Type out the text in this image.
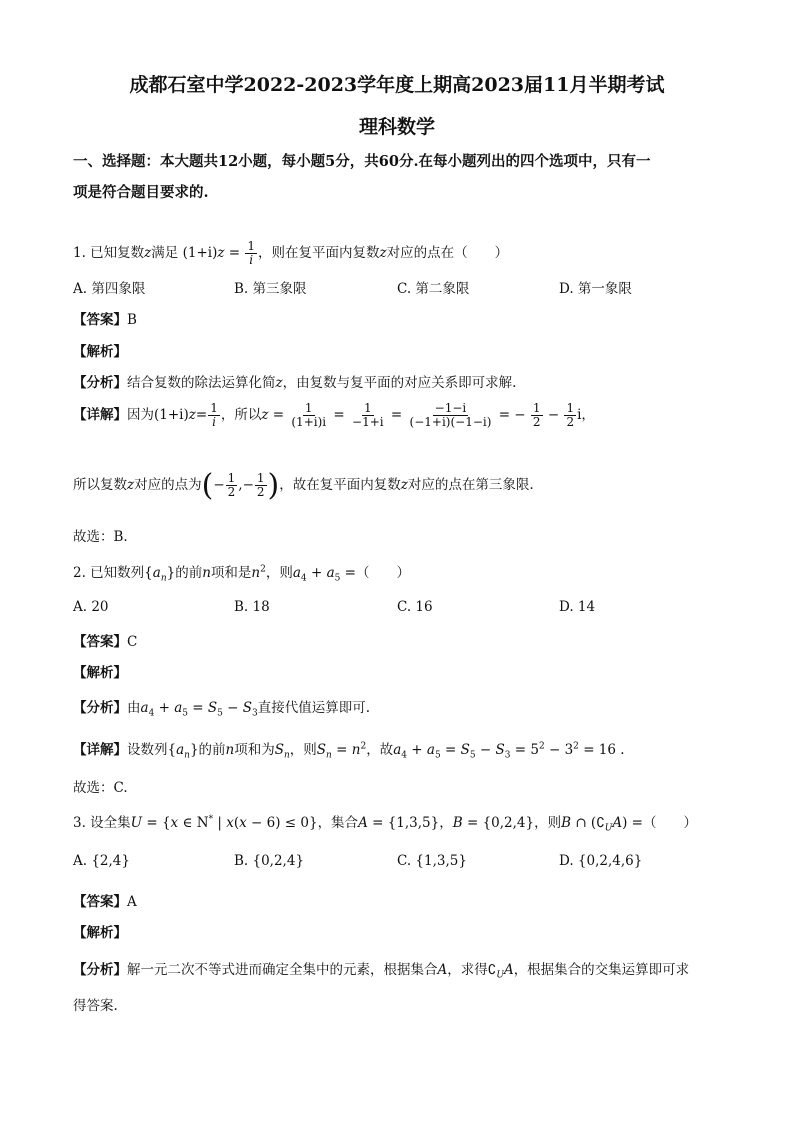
成都石室中学2022-2023学年度上期高2023届11月半期考试
理科数学
一、选择题：本大题共12小题，每小题5分，共60分.在每小题列出的四个选项中，只有一
项是符合题目要求的.
1. 已知复数z满足 $(1+i)z = \frac{1}{i}$ ，则在复平面内复数z对应的点在（　　）
A. 第四象限	B. 第三象限	C. 第二象限	D. 第一象限
【答案】B
【解析】
【分析】结合复数的除法运算化简z，由复数与复平面的对应关系即可求解.
【详解】因为$(1+i)z= \frac{1}{i}$ ，所以$z = \frac{1}{(1+i)i} = \frac{1}{-1+i} = \frac{-1-i}{(-1+i)(-1-i)}$ = − $\frac{1}{2} - \frac{1}{2}$ i，
所以复数z对应的点为(− $\frac{1}{2}$ ,− $\frac{1}{2}$ )，故在复平面内复数z对应的点在第三象限.
故选：B.
2. 已知数列$\{a_n\}$的前n项和是$n^2$，则$a_4 + a_5$ =（　　）
A. 20	B. 18	C. 16	D. 14
【答案】C
【解析】
【分析】由$a_4 + a_5 = S_5 - S_3$直接代值运算即可.
【详解】设数列$\{a_n\}$的前n项和为$S_n$，则$S_n = n^2$，故$a_4 + a_5 = S_5 - S_3 = 5^2 - 3^2 = 16$ .
故选：C.
3. 设全集U = {x ∈ N* | x(x − 6) ≤ 0}，集合A = {1,3,5}，B = {0,2,4}，则B ∩ $(∁_UA)$ =（　　）
A. {2,4}	B. {0,2,4}	C. {1,3,5}	D. {0,2,4,6}
【答案】A
【解析】
【分析】解一元二次不等式进而确定全集中的元素，根据集合A，求得$∁_UA$，根据集合的交集运算即可求
得答案.
